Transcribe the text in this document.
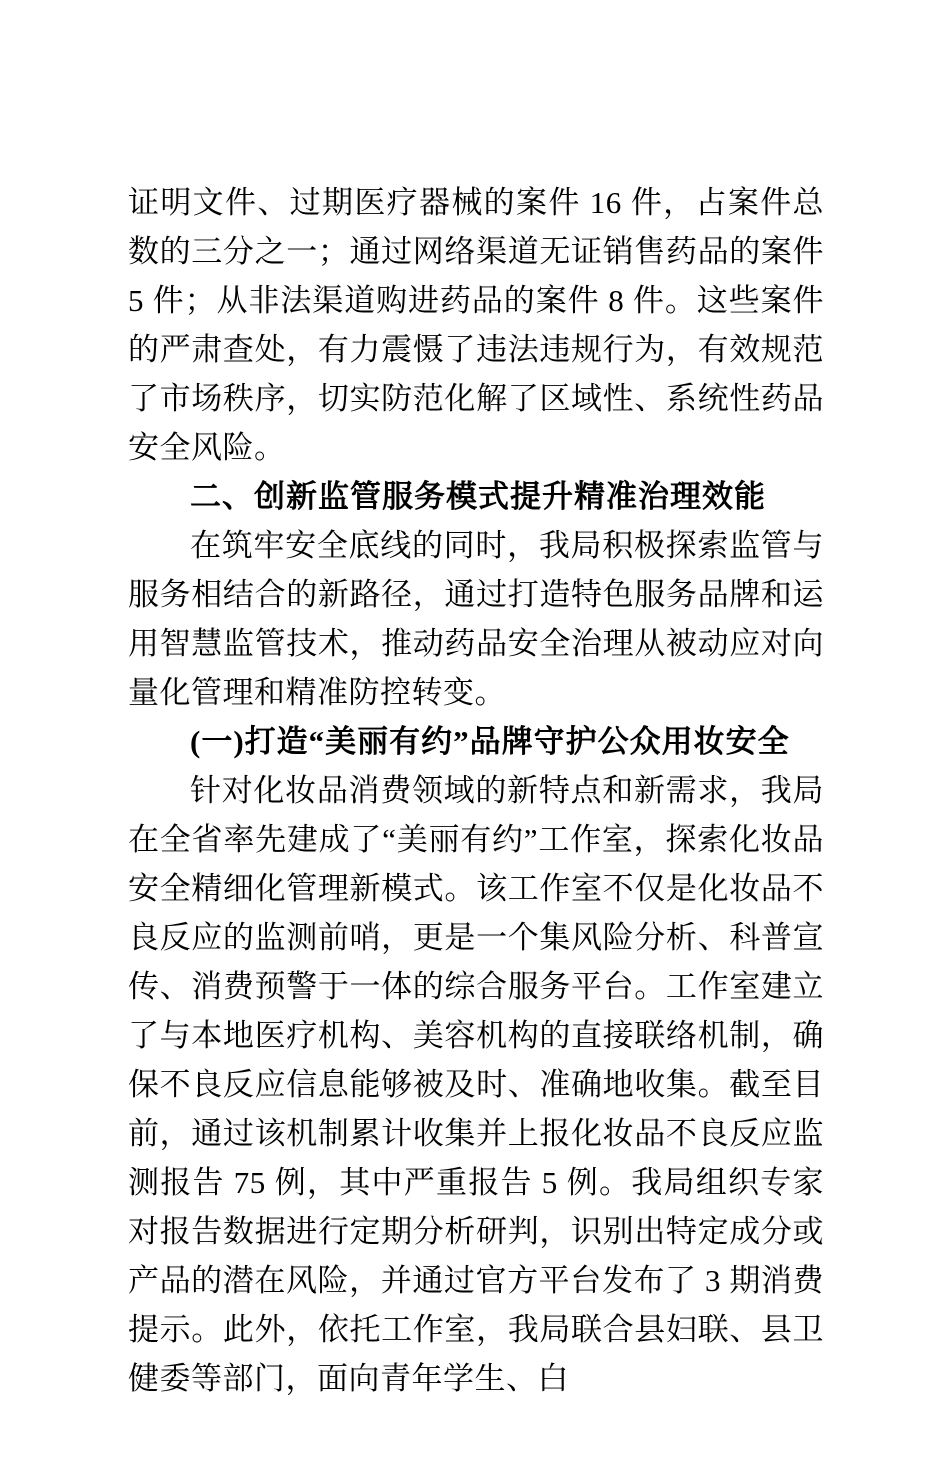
证明文件、过期医疗器械的案件 16 件，占案件总数的三分之一；通过网络渠道无证销售药品的案件 5 件；从非法渠道购进药品的案件 8 件。这些案件的严肃查处，有力震慑了违法违规行为，有效规范了市场秩序，切实防范化解了区域性、系统性药品安全风险。

二、创新监管服务模式提升精准治理效能

在筑牢安全底线的同时，我局积极探索监管与服务相结合的新路径，通过打造特色服务品牌和运用智慧监管技术，推动药品安全治理从被动应对向量化管理和精准防控转变。

(一)打造“美丽有约”品牌守护公众用妆安全

针对化妆品消费领域的新特点和新需求，我局在全省率先建成了“美丽有约”工作室，探索化妆品安全精细化管理新模式。该工作室不仅是化妆品不良反应的监测前哨，更是一个集风险分析、科普宣传、消费预警于一体的综合服务平台。工作室建立了与本地医疗机构、美容机构的直接联络机制，确保不良反应信息能够被及时、准确地收集。截至目前，通过该机制累计收集并上报化妆品不良反应监测报告 75 例，其中严重报告 5 例。我局组织专家对报告数据进行定期分析研判，识别出特定成分或产品的潜在风险，并通过官方平台发布了 3 期消费提示。此外，依托工作室，我局联合县妇联、县卫健委等部门，面向青年学生、白
